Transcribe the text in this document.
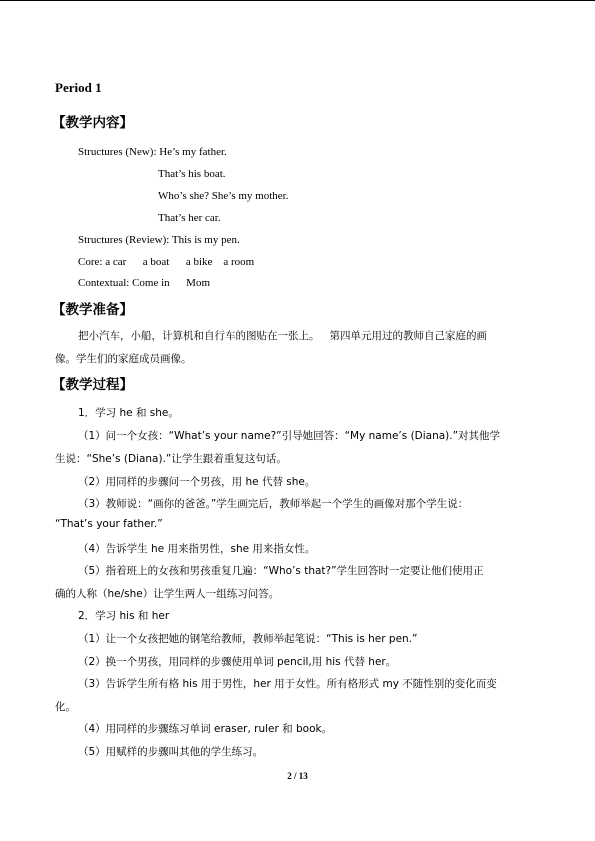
Period 1

【教学内容】

Structures (New): He’s my father.

That’s his boat.

Who’s she? She’s my mother.

That’s her car.

Structures (Review): This is my pen.

Core: a car      a boat      a bike    a room

Contextual: Come in      Mom

【教学准备】

把小汽车，小船，计算机和自行车的图贴在一张上。   第四单元用过的教师自己家庭的画

像。学生们的家庭成员画像。

【教学过程】

1．学习 he 和 she。

（1）问一个女孩：“What’s your name?”引导她回答：“My name’s (Diana).”对其他学

生说：“She’s (Diana).”让学生跟着重复这句话。

（2）用同样的步骤问一个男孩，用 he 代替 she。

（3）教师说：“画你的爸爸。”学生画完后，教师举起一个学生的画像对那个学生说：

“That’s your father.”

（4）告诉学生 he 用来指男性，she 用来指女性。

（5）指着班上的女孩和男孩重复几遍：“Who’s that?”学生回答时一定要让他们使用正

确的人称（he/she）让学生两人一组练习问答。

2．学习 his 和 her

（1）让一个女孩把她的钢笔给教师，教师举起笔说：“This is her pen.”

（2）换一个男孩，用同样的步骤使用单词 pencil,用 his 代替 her。

（3）告诉学生所有格 his 用于男性，her 用于女性。所有格形式 my 不随性别的变化而变

化。

（4）用同样的步骤练习单词 eraser, ruler 和 book。

（5）用赋样的步骤叫其他的学生练习。

2 / 13
